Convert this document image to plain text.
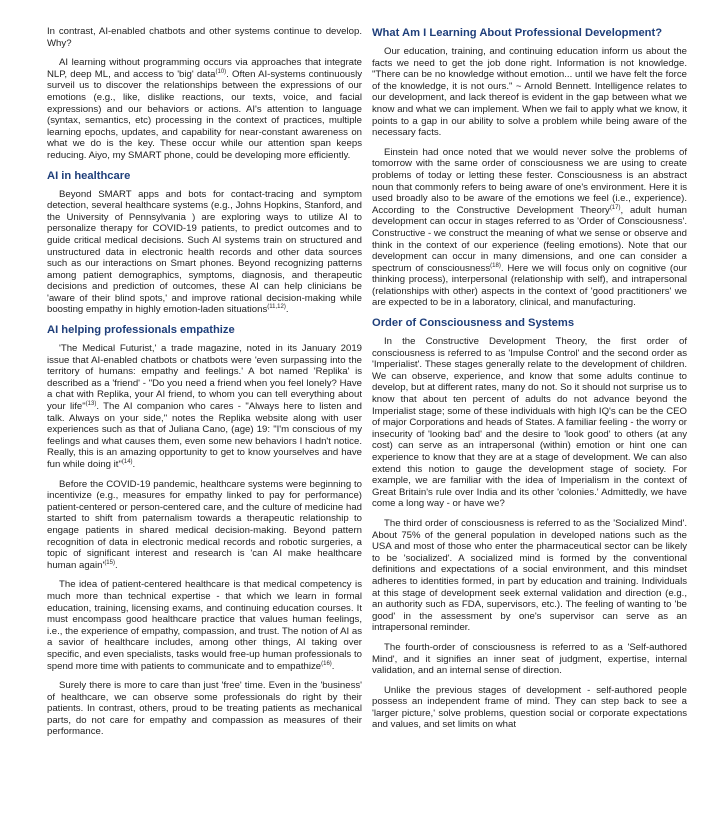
In contrast, AI-enabled chatbots and other systems continue to develop. Why?

AI learning without programming occurs via approaches that integrate NLP, deep ML, and access to 'big' data$^{(10)}$. Often AI-systems continuously surveil us to discover the relationships between the expressions of our emotions (e.g., like, dislike reactions, our texts, voice, and facial expressions) and our behaviors or actions. AI's attention to language (syntax, semantics, etc) processing in the context of practices, multiple learning epochs, updates, and capability for near-constant awareness on what we do is the key. These occur while our attention span keeps reducing. Aiyo, my SMART phone, could be developing more efficiently.

AI in healthcare

Beyond SMART apps and bots for contact-tracing and symptom detection, several healthcare systems (e.g., Johns Hopkins, Stanford, and the University of Pennsylvania ) are exploring ways to utilize AI to personalize therapy for COVID-19 patients, to predict outcomes and to guide critical medical decisions. Such AI systems train on structured and unstructured data in electronic health records and other data sources such as our interactions on Smart phones. Beyond recognizing patterns among patient demographics, symptoms, diagnosis, and therapeutic decisions and prediction of outcomes, these AI can help clinicians be 'aware of their blind spots,' and improve rational decision-making while boosting empathy in highly emotion-laden situations$^{(11,12)}$.

AI helping professionals empathize

'The Medical Futurist,' a trade magazine, noted in its January 2019 issue that AI-enabled chatbots or chatbots were 'even surpassing into the territory of humans: empathy and feelings.' A bot named 'Replika' is described as a 'friend' - "Do you need a friend when you feel lonely? Have a chat with Replika, your AI friend, to whom you can tell everything about your life"$^{(13)}$. The AI companion who cares - "Always here to listen and talk. Always on your side," notes the Replika website along with user experiences such as that of Juliana Cano, (age) 19: "I'm conscious of my feelings and what causes them, even some new behaviors I hadn't notice. Really, this is an amazing opportunity to get to know yourselves and have fun while doing it"$^{(14)}$.

Before the COVID-19 pandemic, healthcare systems were beginning to incentivize (e.g., measures for empathy linked to pay for performance) patient-centered or person-centered care, and the culture of medicine had started to shift from paternalism towards a therapeutic relationship to engage patients in shared medical decision-making. Beyond pattern recognition of data in electronic medical records and robotic surgeries, a topic of significant interest and research is 'can AI make healthcare human $again'^{(15)}$.

The idea of patient-centered healthcare is that medical competency is much more than technical expertise - that which we learn in formal education, training, licensing exams, and continuing education courses. It must encompass good healthcare practice that values human feelings, i.e., the experience of empathy, compassion, and trust. The notion of AI as a savior of healthcare includes, among other things, AI taking over specific, and even specialists, tasks would free-up human professionals to spend more time with patients to communicate and to empathize$^{(16)}$.

Surely there is more to care than just 'free' time. Even in the 'business' of healthcare, we can observe some professionals do right by their patients. In contrast, others, proud to be treating patients as mechanical parts, do not care for empathy and compassion as measures of their performance.

What Am I Learning About Professional Development?

Our education, training, and continuing education inform us about the facts we need to get the job done right. Information is not knowledge. "There can be no knowledge without emotion... until we have felt the force of the knowledge, it is not ours." ~ Arnold Bennett. Intelligence relates to our development, and lack thereof is evident in the gap between what we know and what we can implement. When we fail to apply what we know, it points to a gap in our ability to solve a problem while being aware of the necessary facts.

Einstein had once noted that we would never solve the problems of tomorrow with the same order of consciousness we are using to create problems of today or letting these fester. Consciousness is an abstract noun that commonly refers to being aware of one's environment. Here it is used broadly also to be aware of the emotions we feel (i.e., experience). According to the Constructive Development Theory$^{(17)}$, adult human development can occur in stages referred to as 'Order of Consciousness'. Constructive - we construct the meaning of what we sense or observe and think in the context of our experience (feeling emotions). Note that our development can occur in many dimensions, and one can consider a spectrum of consciousness$^{(18)}$. Here we will focus only on cognitive (our thinking process), interpersonal (relationship with self), and intrapersonal (relationships with other) aspects in the context of 'good practitioners' we are expected to be in a laboratory, clinical, and manufacturing.

Order of Consciousness and Systems

In the Constructive Development Theory, the first order of consciousness is referred to as 'Impulse Control' and the second order as 'Imperialist'. These stages generally relate to the development of children. We can observe, experience, and know that some adults continue to develop, but at different rates, many do not. So it should not surprise us to know that about ten percent of adults do not advance beyond the Imperialist stage; some of these individuals with high IQ's can be the CEO of major Corporations and heads of States. A familiar feeling - the worry or insecurity of 'looking bad' and the desire to 'look good' to others (at any cost) can serve as an intrapersonal (within) emotion or hint one can experience to know that they are at a stage of development. We can also extend this notion to gauge the development stage of society. For example, we are familiar with the idea of Imperialism in the context of Great Britain's rule over India and its other 'colonies.' Admittedly, we have come a long way - or have we?

The third order of consciousness is referred to as the 'Socialized Mind'. About 75% of the general population in developed nations such as the USA and most of those who enter the pharmaceutical sector can be likely to be 'socialized'. A socialized mind is formed by the conventional definitions and expectations of a social environment, and this mindset adheres to identities formed, in part by education and training. Individuals at this stage of development seek external validation and direction (e.g., an authority such as FDA, supervisors, etc.). The feeling of wanting to 'be good' in the assessment by one's supervisor can serve as an intrapersonal reminder.

The fourth-order of consciousness is referred to as a 'Self-authored Mind', and it signifies an inner seat of judgment, expertise, internal validation, and an internal sense of direction.

Unlike the previous stages of development - self-authored people possess an independent frame of mind. They can step back to see a 'larger picture,' solve problems, question social or corporate expectations and values, and set limits on what
